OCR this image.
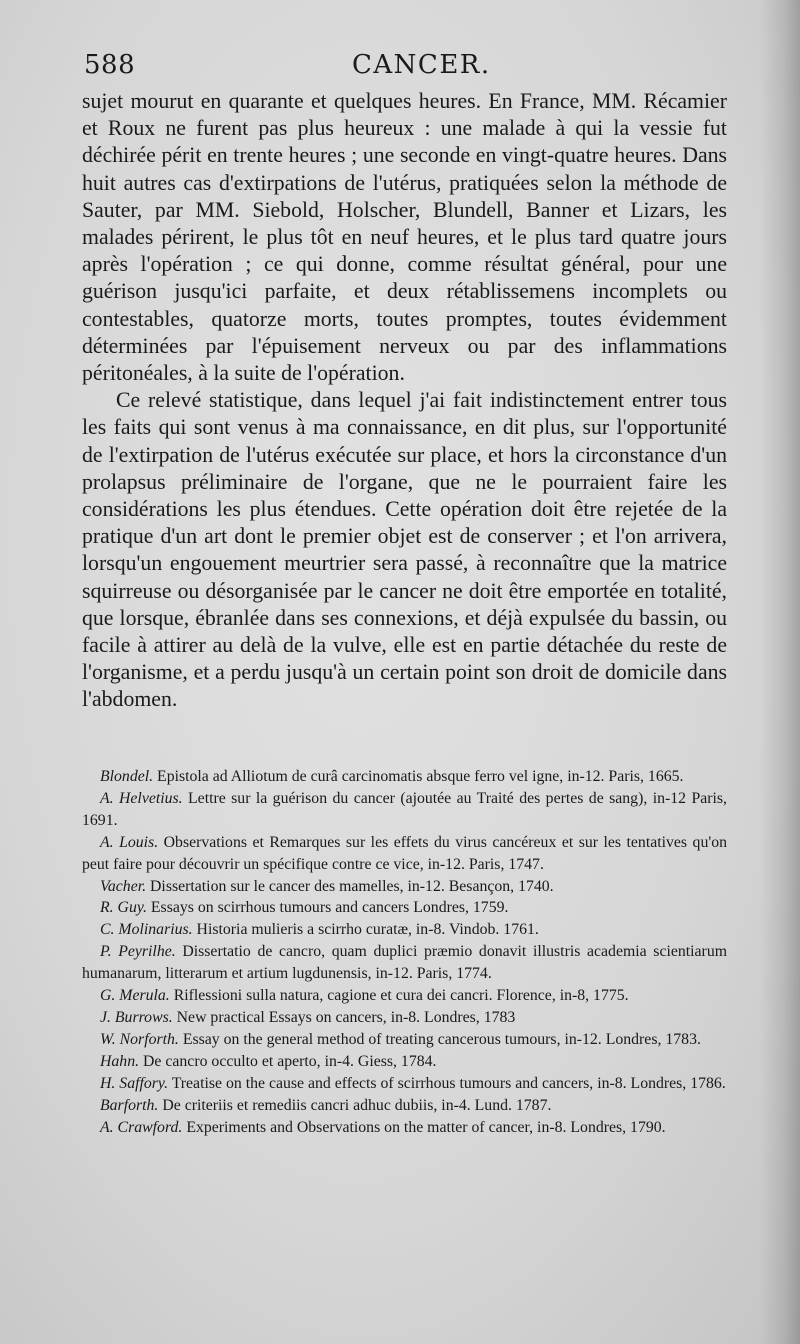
588	CANCER.

sujet mourut en quarante et quelques heures. En France, MM. Récamier et Roux ne furent pas plus heureux : une malade à qui la vessie fut déchirée périt en trente heures ; une seconde en vingt-quatre heures. Dans huit autres cas d'extirpations de l'utérus, pratiquées selon la méthode de Sauter, par MM. Siebold, Holscher, Blundell, Banner et Lizars, les malades périrent, le plus tôt en neuf heures, et le plus tard quatre jours après l'opération ; ce qui donne, comme résultat général, pour une guérison jusqu'ici parfaite, et deux rétablissemens incomplets ou contestables, quatorze morts, toutes promptes, toutes évidemment déterminées par l'épuisement nerveux ou par des inflammations péritonéales, à la suite de l'opération.

Ce relevé statistique, dans lequel j'ai fait indistinctement entrer tous les faits qui sont venus à ma connaissance, en dit plus, sur l'opportunité de l'extirpation de l'utérus exécutée sur place, et hors la circonstance d'un prolapsus préliminaire de l'organe, que ne le pourraient faire les considérations les plus étendues. Cette opération doit être rejetée de la pratique d'un art dont le premier objet est de conserver ; et l'on arrivera, lorsqu'un engouement meurtrier sera passé, à reconnaître que la matrice squirreuse ou désorganisée par le cancer ne doit être emportée en totalité, que lorsque, ébranlée dans ses connexions, et déjà expulsée du bassin, ou facile à attirer au delà de la vulve, elle est en partie détachée du reste de l'organisme, et a perdu jusqu'à un certain point son droit de domicile dans l'abdomen.

Blondel. Epistola ad Alliotum de curâ carcinomatis absque ferro vel igne, in-12. Paris, 1665.

A. Helvetius. Lettre sur la guérison du cancer (ajoutée au Traité des pertes de sang), in-12 Paris, 1691.

A. Louis. Observations et Remarques sur les effets du virus cancéreux et sur les tentatives qu'on peut faire pour découvrir un spécifique contre ce vice, in-12. Paris, 1747.

Vacher. Dissertation sur le cancer des mamelles, in-12. Besançon, 1740.

R. Guy. Essays on scirrhous tumours and cancers Londres, 1759.

C. Molinarius. Historia mulieris a scirrho curatæ, in-8. Vindob. 1761.

P. Peyrilhe. Dissertatio de cancro, quam duplici præmio donavit illustris academia scientiarum humanarum, litterarum et artium lugdunensis, in-12. Paris, 1774.

G. Merula. Riflessioni sulla natura, cagione et cura dei cancri. Florence, in-8, 1775.

J. Burrows. New practical Essays on cancers, in-8. Londres, 1783

W. Norforth. Essay on the general method of treating cancerous tumours, in-12. Londres, 1783.

Hahn. De cancro occulto et aperto, in-4. Giess, 1784.

H. Saffory. Treatise on the cause and effects of scirrhous tumours and cancers, in-8. Londres, 1786.

Barforth. De criteriis et remediis cancri adhuc dubiis, in-4. Lund. 1787.

A. Crawford. Experiments and Observations on the matter of cancer, in-8. Londres, 1790.
